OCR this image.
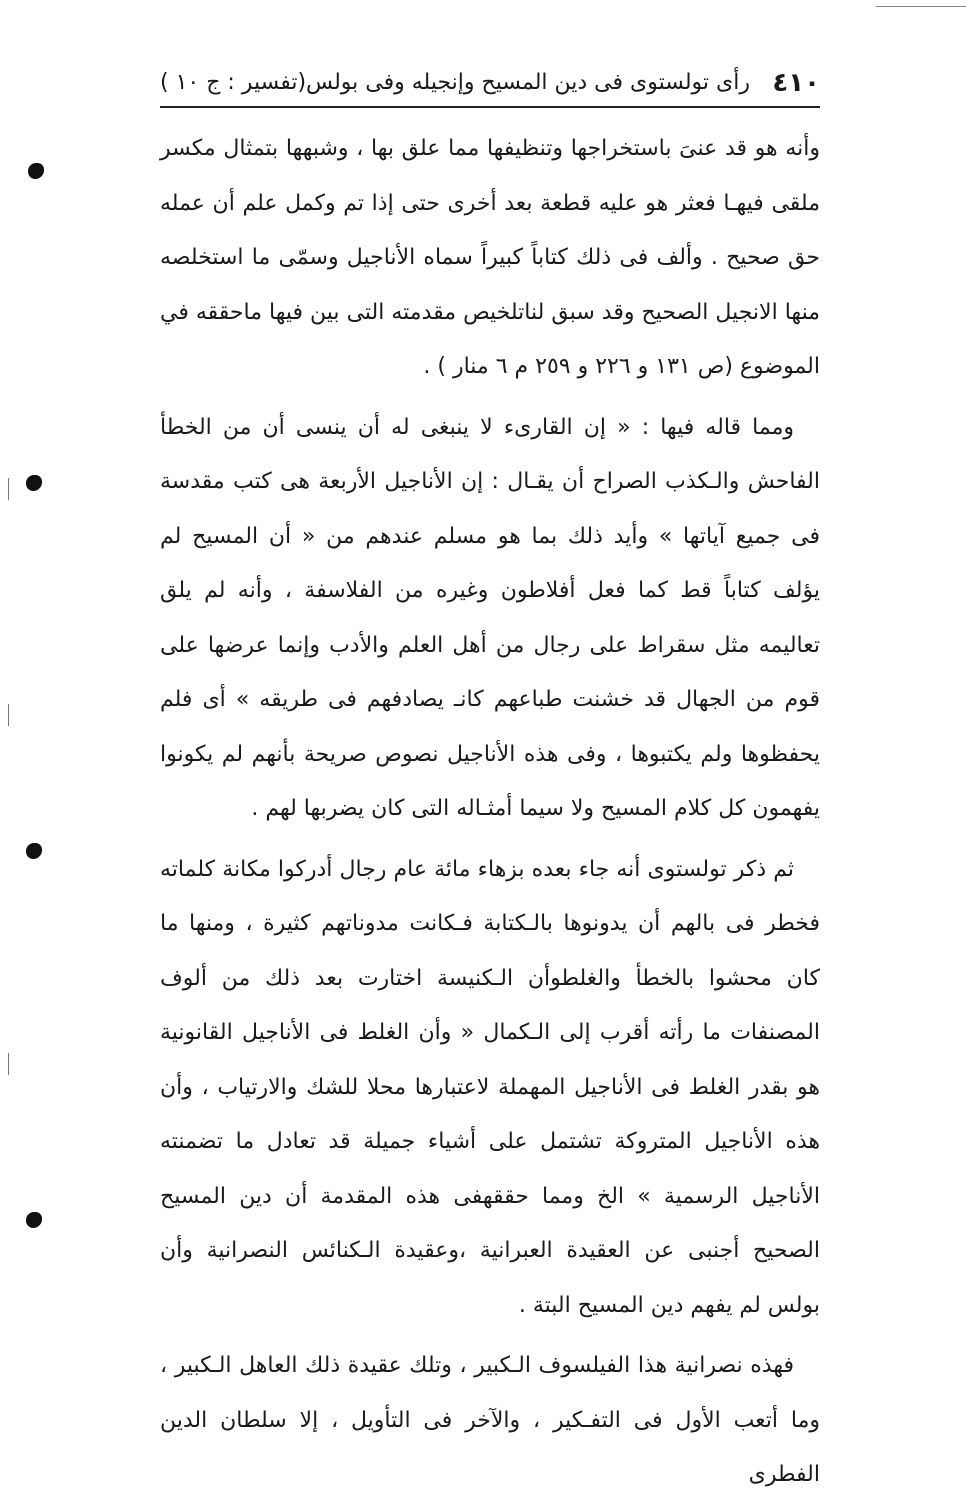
٤١٠
رأى تولستوى فى دين المسيح وإنجيله وفى بولس
(تفسير : ج ١٠ )

وأنه هو قد عنىَ باستخراجها وتنظيفها مما علق بها ، وشبهها بتمثال مكسر ملقى فيهـا فعثر هو عليه قطعة بعد أخرى حتى إذا تم وكمل علم أن عمله حق صحيح . وألف فى ذلك كتاباً كبيراً سماه الأناجيل وسمّى ما استخلصه منها الانجيل الصحيح وقد سبق لناتلخيص مقدمته التى بين فيها ماحققه في الموضوع (ص ١٣١ و ٢٢٦ و ٢٥٩ م ٦ منار ) .

ومما قاله فيها : « إن القارىء لا ينبغى له أن ينسى أن من الخطأ الفاحش والـكذب الصراح أن يقـال : إن الأناجيل الأربعة هى كتب مقدسة فى جميع آياتها » وأيد ذلك بما هو مسلم عندهم من « أن المسيح لم يؤلف كتاباً قط كما فعل أفلاطون وغيره من الفلاسفة ، وأنه لم يلق تعاليمه مثل سقراط على رجال من أهل العلم والأدب وإنما عرضها على قوم من الجهال قد خشنت طباعهم كانـ يصادفهم فى طريقه » أى فلم يحفظوها ولم يكتبوها ، وفى هذه الأناجيل نصوص صريحة بأنهم لم يكونوا يفهمون كل كلام المسيح ولا سيما أمثـاله التى كان يضربها لهم .

ثم ذكر تولستوى أنه جاء بعده بزهاء مائة عام رجال أدركوا مكانة كلماته فخطر فى بالهم أن يدونوها بالـكتابة فـكانت مدوناتهم كثيرة ، ومنها ما كان محشوا بالخطأ والغلطوأن الـكنيسة اختارت بعد ذلك من ألوف المصنفات ما رأته أقرب إلى الـكمال « وأن الغلط فى الأناجيل القانونية هو بقدر الغلط فى الأناجيل المهملة لاعتبارها محلا للشك والارتياب ، وأن هذه الأناجيل المتروكة تشتمل على أشياء جميلة قد تعادل ما تضمنته الأناجيل الرسمية » الخ ومما حققهفى هذه المقدمة أن دين المسيح الصحيح أجنبى عن العقيدة العبرانية ،وعقيدة الـكنائس النصرانية وأن بولس لم يفهم دين المسيح البتة .

فهذه نصرانية هذا الفيلسوف الـكبير ، وتلك عقيدة ذلك العاهل الـكبير ، وما أتعب الأول فى التفـكير ، والآخر فى التأويل ، إلا سلطان الدين الفطرى
